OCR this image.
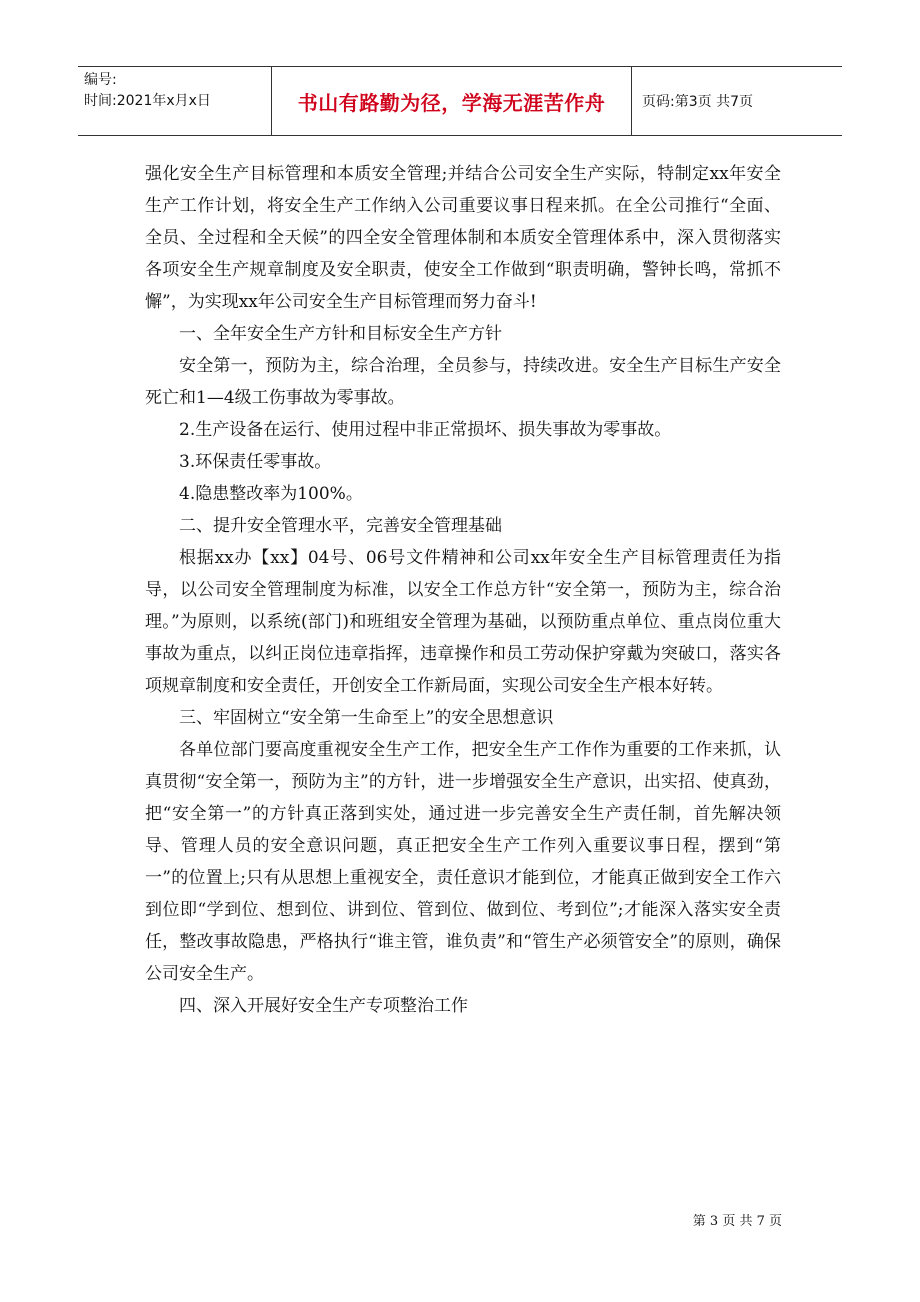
编号:
时间:2021年x月x日	书山有路勤为径，学海无涯苦作舟	页码:第3页 共7页

强化安全生产目标管理和本质安全管理;并结合公司安全生产实际，特制定xx年安全生产工作计划，将安全生产工作纳入公司重要议事日程来抓。在全公司推行“全面、全员、全过程和全天候”的四全安全管理体制和本质安全管理体系中，深入贯彻落实各项安全生产规章制度及安全职责，使安全工作做到“职责明确，警钟长鸣，常抓不懈”，为实现xx年公司安全生产目标管理而努力奋斗!

一、全年安全生产方针和目标安全生产方针

安全第一，预防为主，综合治理，全员参与，持续改进。安全生产目标生产安全死亡和1—4级工伤事故为零事故。

2.生产设备在运行、使用过程中非正常损坏、损失事故为零事故。

3.环保责任零事故。

4.隐患整改率为100%。

二、提升安全管理水平，完善安全管理基础

根据xx办【xx】04号、06号文件精神和公司xx年安全生产目标管理责任为指导，以公司安全管理制度为标准，以安全工作总方针“安全第一，预防为主，综合治理。”为原则，以系统(部门)和班组安全管理为基础，以预防重点单位、重点岗位重大事故为重点，以纠正岗位违章指挥，违章操作和员工劳动保护穿戴为突破口，落实各项规章制度和安全责任，开创安全工作新局面，实现公司安全生产根本好转。

三、牢固树立“安全第一生命至上”的安全思想意识

各单位部门要高度重视安全生产工作，把安全生产工作作为重要的工作来抓，认真贯彻“安全第一，预防为主”的方针，进一步增强安全生产意识，出实招、使真劲，把“安全第一”的方针真正落到实处，通过进一步完善安全生产责任制，首先解决领导、管理人员的安全意识问题，真正把安全生产工作列入重要议事日程，摆到“第一”的位置上;只有从思想上重视安全，责任意识才能到位，才能真正做到安全工作六到位即“学到位、想到位、讲到位、管到位、做到位、考到位”;才能深入落实安全责任，整改事故隐患，严格执行“谁主管，谁负责”和“管生产必须管安全”的原则，确保公司安全生产。

四、深入开展好安全生产专项整治工作

第 3 页 共 7 页
